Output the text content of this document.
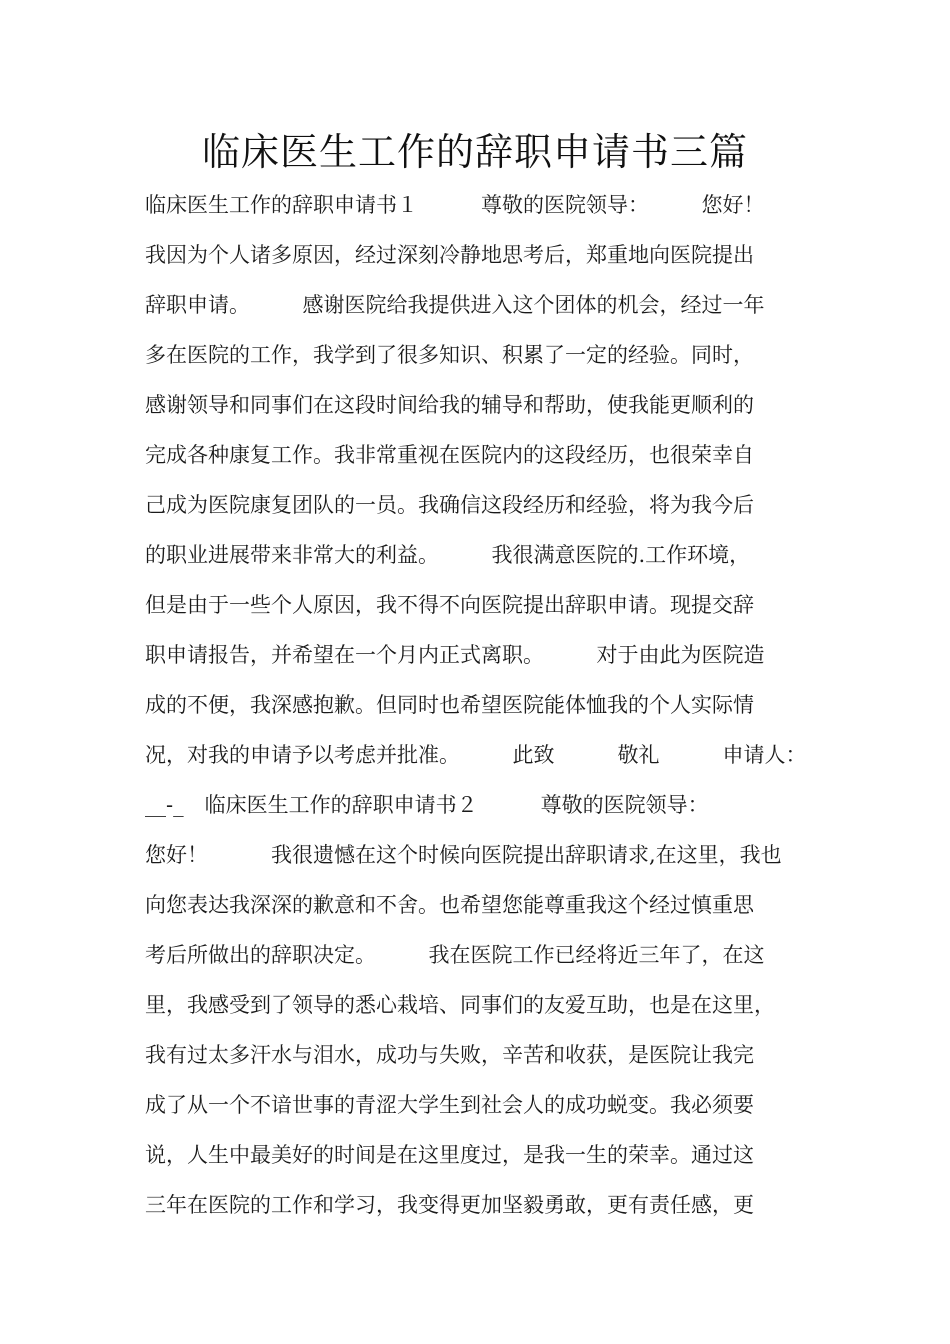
临床医生工作的辞职申请书三篇
临床医生工作的辞职申请书１　　　尊敬的医院领导：　　　您好！
我因为个人诸多原因，经过深刻冷静地思考后，郑重地向医院提出
辞职申请。　　　感谢医院给我提供进入这个团体的机会，经过一年
多在医院的工作，我学到了很多知识、积累了一定的经验。同时，
感谢领导和同事们在这段时间给我的辅导和帮助，使我能更顺利的
完成各种康复工作。我非常重视在医院内的这段经历，也很荣幸自
己成为医院康复团队的一员。我确信这段经历和经验，将为我今后
的职业进展带来非常大的利益。　　　我很满意医院的.工作环境，
但是由于一些个人原因，我不得不向医院提出辞职申请。现提交辞
职申请报告，并希望在一个月内正式离职。　　　对于由此为医院造
成的不便，我深感抱歉。但同时也希望医院能体恤我的个人实际情
况，对我的申请予以考虑并批准。　　　此致　　　敬礼　　　申请人：
__-_　临床医生工作的辞职申请书２　　　尊敬的医院领导：
您好！　　　我很遗憾在这个时候向医院提出辞职请求,在这里，我也
向您表达我深深的歉意和不舍。也希望您能尊重我这个经过慎重思
考后所做出的辞职决定。　　　我在医院工作已经将近三年了，在这
里，我感受到了领导的悉心栽培、同事们的友爱互助，也是在这里，
我有过太多汗水与泪水，成功与失败，辛苦和收获，是医院让我完
成了从一个不谙世事的青涩大学生到社会人的成功蜕变。我必须要
说，人生中最美好的时间是在这里度过，是我一生的荣幸。通过这
三年在医院的工作和学习，我变得更加坚毅勇敢，更有责任感，更
